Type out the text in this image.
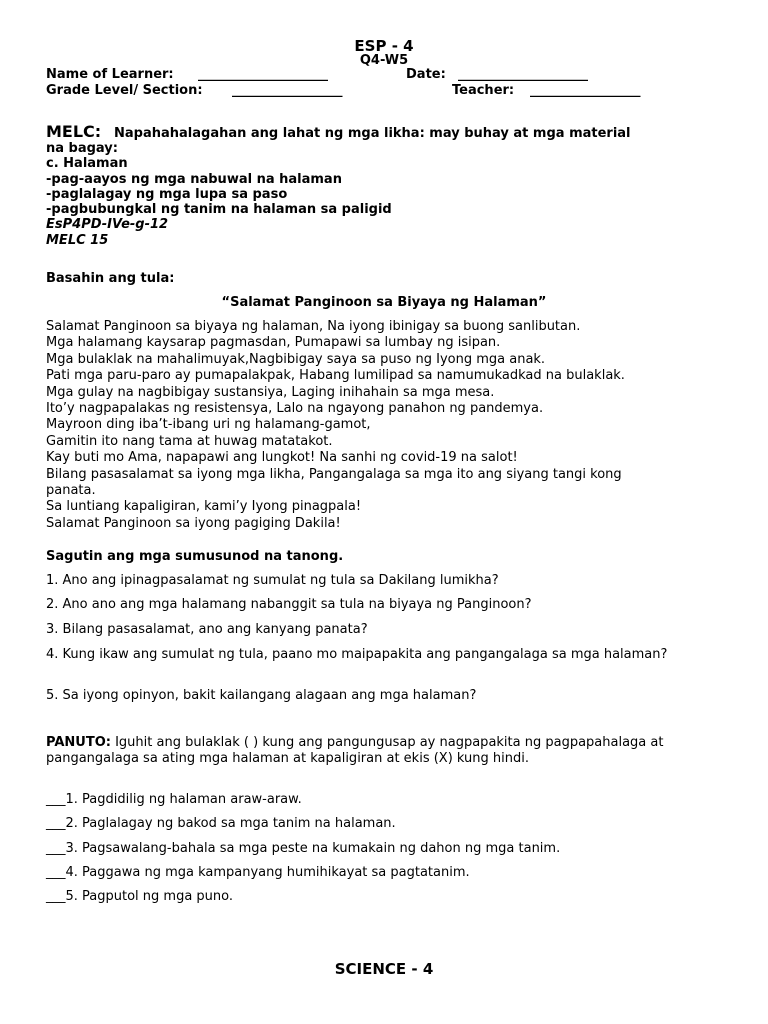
ESP - 4
Q4-W5
Name of Learner: ____________________	Date: ____________________
Grade Level/ Section: _________________	Teacher: _________________
MELC: Napahahalagahan ang lahat ng mga likha: may buhay at mga material
na bagay:
c. Halaman
-pag-aayos ng mga nabuwal na halaman
-paglalagay ng mga lupa sa paso
-pagbubungkal ng tanim na halaman sa paligid
EsP4PD-IVe-g-12
MELC 15
Basahin ang tula:
“Salamat Panginoon sa Biyaya ng Halaman”
Salamat Panginoon sa biyaya ng halaman, Na iyong ibinigay sa buong sanlibutan.
Mga halamang kaysarap pagmasdan, Pumapawi sa lumbay ng isipan.
Mga bulaklak na mahalimuyak,Nagbibigay saya sa puso ng Iyong mga anak.
Pati mga paru-paro ay pumapalakpak, Habang lumilipad sa namumukadkad na bulaklak.
Mga gulay na nagbibigay sustansiya, Laging inihahain sa mga mesa.
Ito’y nagpapalakas ng resistensya, Lalo na ngayong panahon ng pandemya.
Mayroon ding iba’t-ibang uri ng halamang-gamot,
Gamitin ito nang tama at huwag matatakot.
Kay buti mo Ama, napapawi ang lungkot! Na sanhi ng covid-19 na salot!
Bilang pasasalamat sa iyong mga likha, Pangangalaga sa mga ito ang siyang tangi kong
panata.
Sa luntiang kapaligiran, kami’y Iyong pinagpala!
Salamat Panginoon sa iyong pagiging Dakila!
Sagutin ang mga sumusunod na tanong.
1. Ano ang ipinagpasalamat ng sumulat ng tula sa Dakilang lumikha?
2. Ano ano ang mga halamang nabanggit sa tula na biyaya ng Panginoon?
3. Bilang pasasalamat, ano ang kanyang panata?
4. Kung ikaw ang sumulat ng tula, paano mo maipapakita ang pangangalaga sa mga halaman?
5. Sa iyong opinyon, bakit kailangang alagaan ang mga halaman?
PANUTO: Iguhit ang bulaklak ( ) kung ang pangungusap ay nagpapakita ng pagpapahalaga at pangangalaga sa ating mga halaman at kapaligiran at ekis (X) kung hindi.
___1. Pagdidilig ng halaman araw-araw.
___2. Paglalagay ng bakod sa mga tanim na halaman.
___3. Pagsawalang-bahala sa mga peste na kumakain ng dahon ng mga tanim.
___4. Paggawa ng mga kampanyang humihikayat sa pagtatanim.
___5. Pagputol ng mga puno.
SCIENCE - 4
